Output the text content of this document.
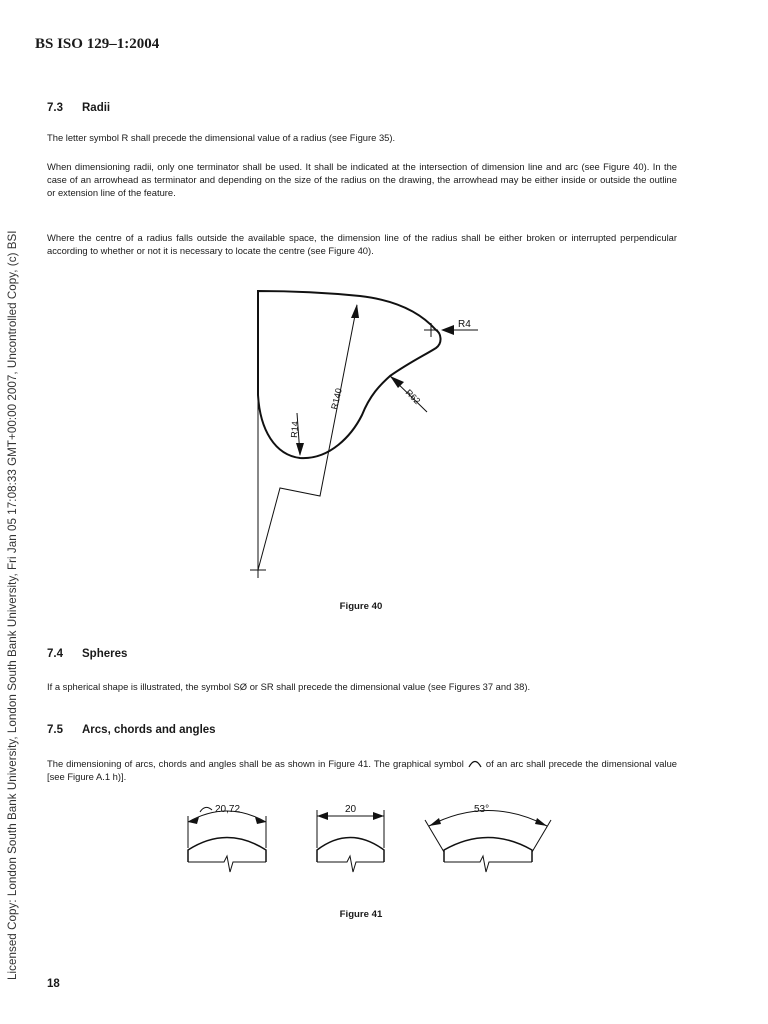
Licensed Copy: London South Bank University, London South Bank University, Fri Jan 05 17:08:33 GMT+00:00 2007, Uncontrolled Copy, (c) BSI
BS ISO 129–1:2004
7.3 Radii
The letter symbol R shall precede the dimensional value of a radius (see Figure 35).
When dimensioning radii, only one terminator shall be used. It shall be indicated at the intersection of dimension line and arc (see Figure 40). In the case of an arrowhead as terminator and depending on the size of the radius on the drawing, the arrowhead may be either inside or outside the outline or extension line of the feature.
Where the centre of a radius falls outside the available space, the dimension line of the radius shall be either broken or interrupted perpendicular according to whether or not it is necessary to locate the centre (see Figure 40).
R4
R62
R140
R14
Figure 40
7.4 Spheres
If a spherical shape is illustrated, the symbol SØ or SR shall precede the dimensional value (see Figures 37 and 38).
7.5 Arcs, chords and angles
The dimensioning of arcs, chords and angles shall be as shown in Figure 41. The graphical symbol of an arc shall precede the dimensional value [see Figure A.1 h)].
20,72	20	53°
Figure 41
18
